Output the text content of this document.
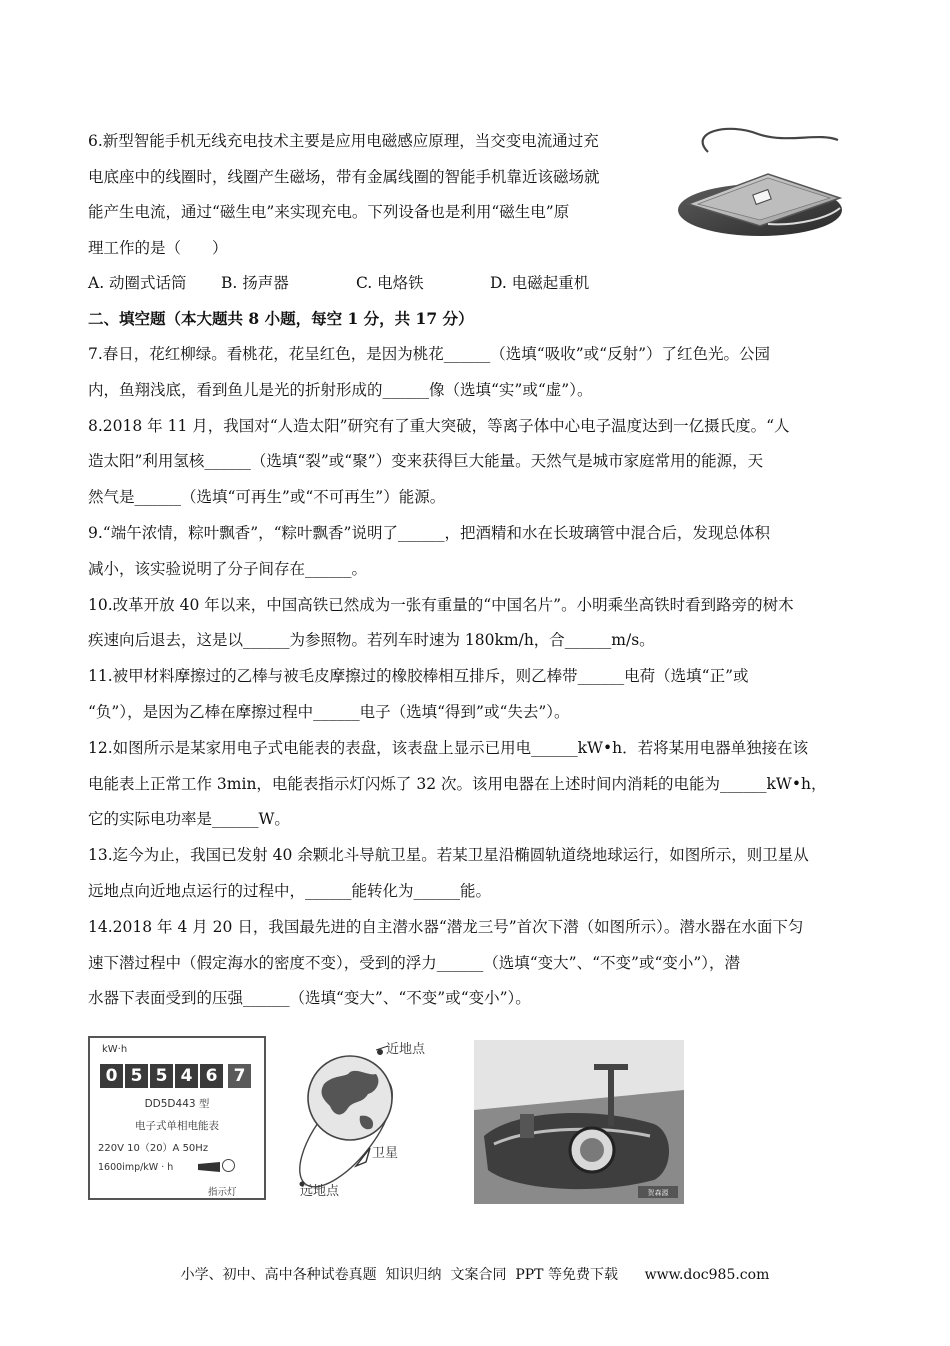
6.新型智能手机无线充电技术主要是应用电磁感应原理，当交变电流通过充

电底座中的线圈时，线圈产生磁场，带有金属线圈的智能手机靠近该磁场就

能产生电流，通过“磁生电”来实现充电。下列设备也是利用“磁生电”原

理工作的是（　　）

A. 动圈式话筒 B. 扬声器	C. 电烙铁	D. 电磁起重机
二、填空题（本大题共 8 小题，每空 1 分，共 17 分）

7.春日，花红柳绿。看桃花，花呈红色，是因为桃花______（选填“吸收”或“反射”）了红色光。公园

内，鱼翔浅底，看到鱼儿是光的折射形成的______像（选填“实”或“虚”）。

8.2018 年 11 月，我国对“人造太阳”研究有了重大突破，等离子体中心电子温度达到一亿摄氏度。“人

造太阳”利用氢核______（选填“裂”或“聚”）变来获得巨大能量。天然气是城市家庭常用的能源，天

然气是______（选填“可再生”或“不可再生”）能源。

9.“端午浓情，粽叶飘香”，“粽叶飘香”说明了______，把酒精和水在长玻璃管中混合后，发现总体积

减小，该实验说明了分子间存在______。

10.改革开放 40 年以来，中国高铁已然成为一张有重量的“中国名片”。小明乘坐高铁时看到路旁的树木

疾速向后退去，这是以______为参照物。若列车时速为 180km/h，合______m/s。

11.被甲材料摩擦过的乙棒与被毛皮摩擦过的橡胶棒相互排斥，则乙棒带______电荷（选填“正”或

“负”），是因为乙棒在摩擦过程中______电子（选填“得到”或“失去”）。

12.如图所示是某家用电子式电能表的表盘，该表盘上显示已用电______kW•h．若将某用电器单独接在该

电能表上正常工作 3min，电能表指示灯闪烁了 32 次。该用电器在上述时间内消耗的电能为______kW•h，

它的实际电功率是______W。

13.迄今为止，我国已发射 40 余颗北斗导航卫星。若某卫星沿椭圆轨道绕地球运行，如图所示，则卫星从

远地点向近地点运行的过程中，______能转化为______能。

14.2018 年 4 月 20 日，我国最先进的自主潜水器“潜龙三号”首次下潜（如图所示）。潜水器在水面下匀

速下潜过程中（假定海水的密度不变），受到的浮力______（选填“变大”、“不变”或“变小”），潜

水器下表面受到的压强______（选填“变大”、“不变”或“变小”）。

kW·h
0 5 5 4 6 7
DD5D443 型
电子式单相电能表
220V 10（20）A 50Hz
1600imp/kW · h
指示灯
近地点
卫星
远地点	贺森源
小学、初中、高中各种试卷真题  知识归纳  文案合同  PPT 等免费下载      www.doc985.com
